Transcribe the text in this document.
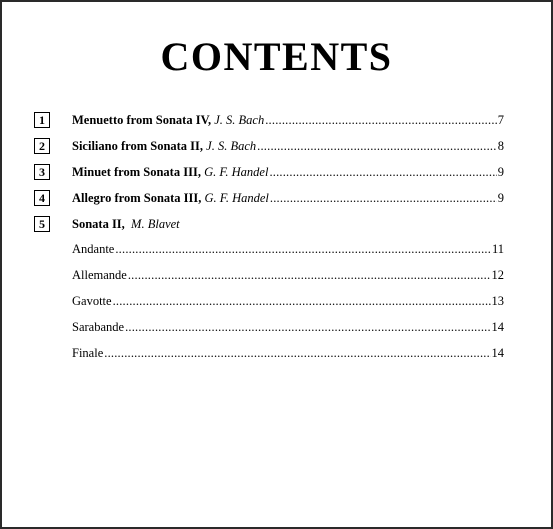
CONTENTS
1	Menuetto from Sonata IV, J. S. Bach .....	7
2	Siciliano from Sonata II, J. S. Bach .....	8
3	Minuet from Sonata III, G. F. Handel .....	9
4	Allegro from Sonata III, G. F. Handel .....	9
5	Sonata II, M. Blavet
Andante .....	11
Allemande .....	12
Gavotte .....	13
Sarabande .....	14
Finale .....	14
